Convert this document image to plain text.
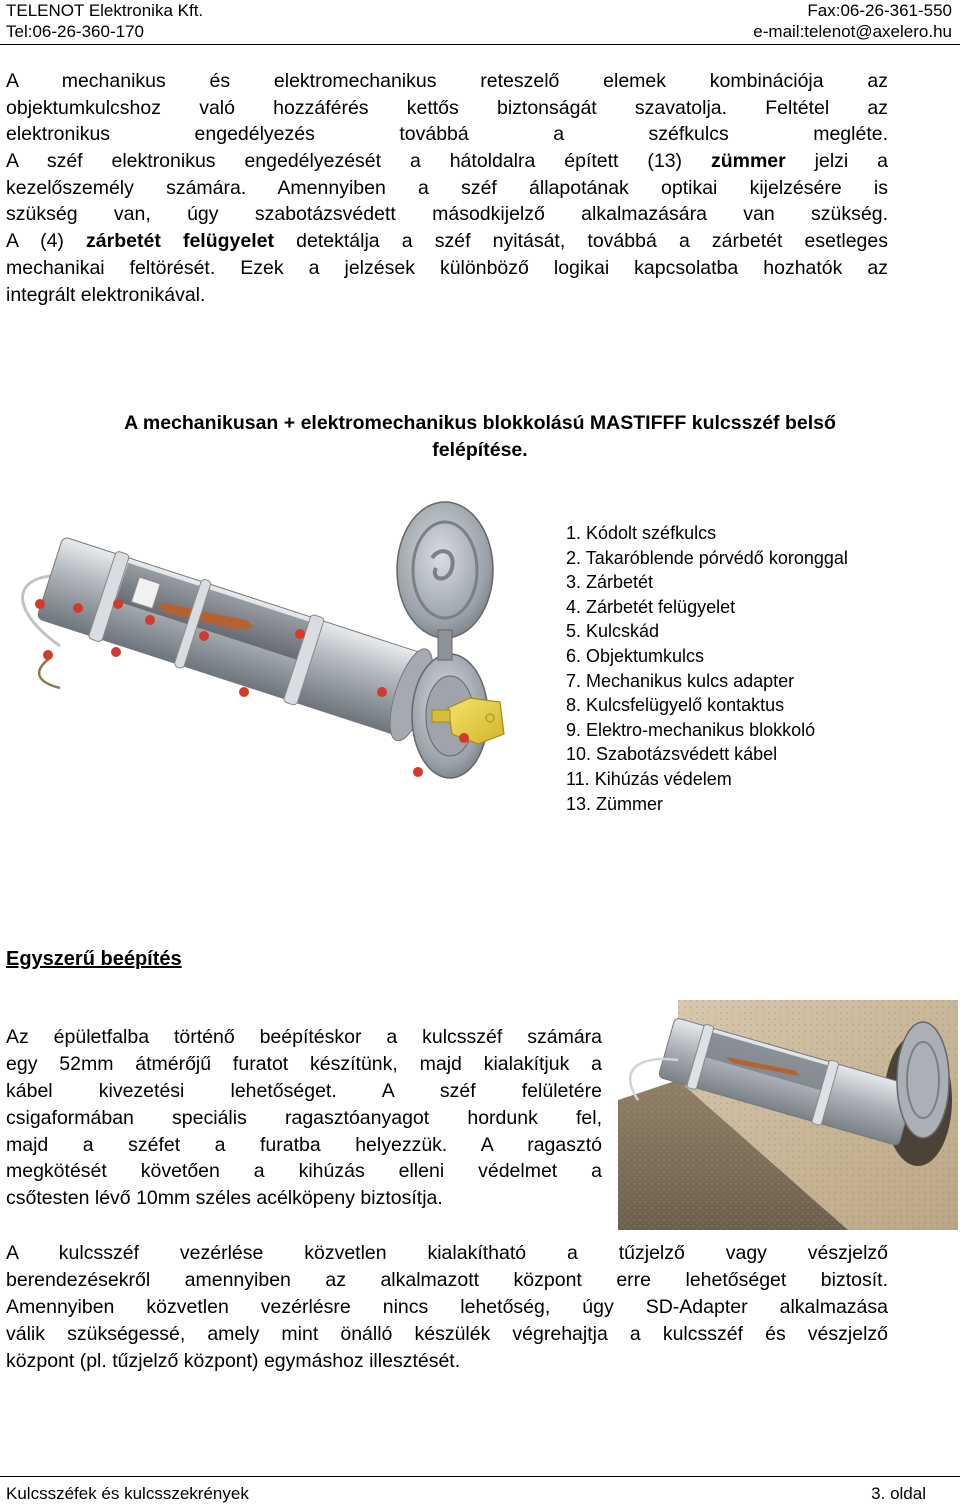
TELENOT Elektronika Kft.	Fax:06-26-361-550
Tel:06-26-360-170	e-mail:telenot@axelero.hu
A mechanikus és elektromechanikus reteszelő elemek kombinációja az
objektumkulcshoz való hozzáférés kettős biztonságát szavatolja. Feltétel az
elektronikus engedélyezés továbbá a széfkulcs megléte.
A széf elektronikus engedélyezését a hátoldalra épített (13) zümmer jelzi a
kezelőszemély számára. Amennyiben a széf állapotának optikai kijelzésére is
szükség van, úgy szabotázsvédett másodkijelző alkalmazására van szükség.
A (4) zárbetét felügyelet detektálja a széf nyitását, továbbá a zárbetét esetleges
mechanikai feltörését. Ezek a jelzések különböző logikai kapcsolatba hozhatók az
integrált elektronikával.

A mechanikusan + elektromechanikus blokkolású MASTIFFF kulcsszéf belső
felépítése.

1. Kódolt széfkulcs
2. Takaróblende pórvédő koronggal
3. Zárbetét
4. Zárbetét felügyelet
5. Kulcskád
6. Objektumkulcs
7. Mechanikus kulcs adapter
8. Kulcsfelügyelő kontaktus
9. Elektro-mechanikus blokkoló
10. Szabotázsvédett kábel
11. Kihúzás védelem
13. Zümmer
Egyszerű beépítés
Az épületfalba történő beépítéskor a kulcsszéf számára
egy 52mm átmérőjű furatot készítünk, majd kialakítjuk a
kábel kivezetési lehetőséget. A széf felületére
csigaformában speciális ragasztóanyagot hordunk fel,
majd a széfet a furatba helyezzük. A ragasztó
megkötését követően a kihúzás elleni védelmet a
csőtesten lévő 10mm széles acélköpeny biztosítja.
A kulcsszéf vezérlése közvetlen kialakítható a tűzjelző vagy vészjelző
berendezésekről amennyiben az alkalmazott központ erre lehetőséget biztosít.
Amennyiben közvetlen vezérlésre nincs lehetőség, úgy SD-Adapter alkalmazása
válik szükségessé, amely mint önálló készülék végrehajtja a kulcsszéf és vészjelző
központ (pl. tűzjelző központ) egymáshoz illesztését.
Kulcsszéfek és kulcsszekrények	3. oldal
